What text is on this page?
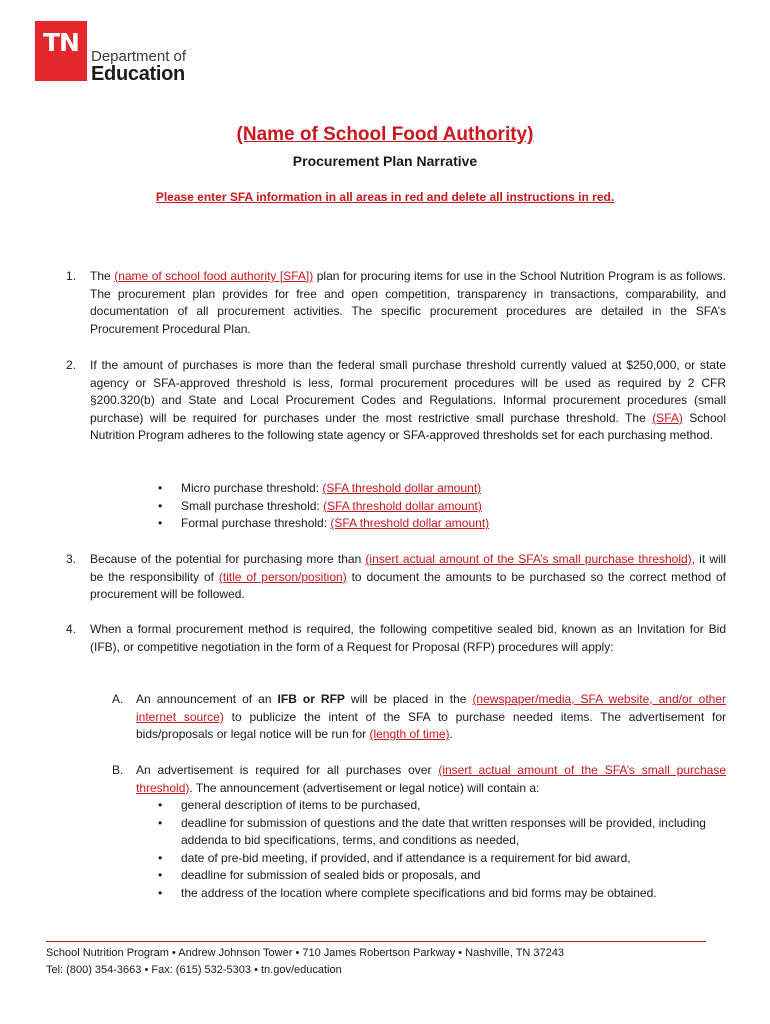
TN Department of
Education
(Name of School Food Authority)
Procurement Plan Narrative
Please enter SFA information in all areas in red and delete all instructions in red.
1.	The (name of school food authority [SFA]) plan for procuring items for use in the School Nutrition Program is as follows. The procurement plan provides for free and open competition, transparency in transactions, comparability, and documentation of all procurement activities. The specific procurement procedures are detailed in the SFA’s Procurement Procedural Plan.
2.	If the amount of purchases is more than the federal small purchase threshold currently valued at $250,000, or state agency or SFA-approved threshold is less, formal procurement procedures will be used as required by 2 CFR §200.320(b) and State and Local Procurement Codes and Regulations. Informal procurement procedures (small purchase) will be required for purchases under the most restrictive small purchase threshold. The (SFA) School Nutrition Program adheres to the following state agency or SFA-approved thresholds set for each purchasing method.
• Micro purchase threshold: (SFA threshold dollar amount)
• Small purchase threshold: (SFA threshold dollar amount)
• Formal purchase threshold: (SFA threshold dollar amount)
3.	Because of the potential for purchasing more than (insert actual amount of the SFA’s small purchase threshold), it will be the responsibility of (title of person/position) to document the amounts to be purchased so the correct method of procurement will be followed.
4.	When a formal procurement method is required, the following competitive sealed bid, known as an Invitation for Bid (IFB), or competitive negotiation in the form of a Request for Proposal (RFP) procedures will apply:
A.	An announcement of an IFB or RFP will be placed in the (newspaper/media, SFA website, and/or other internet source) to publicize the intent of the SFA to purchase needed items. The advertisement for bids/proposals or legal notice will be run for (length of time).
B.	An advertisement is required for all purchases over (insert actual amount of the SFA’s small purchase threshold). The announcement (advertisement or legal notice) will contain a:
• general description of items to be purchased,
• deadline for submission of questions and the date that written responses will be provided, including addenda to bid specifications, terms, and conditions as needed,
• date of pre-bid meeting, if provided, and if attendance is a requirement for bid award,
• deadline for submission of sealed bids or proposals, and
• the address of the location where complete specifications and bid forms may be obtained.
School Nutrition Program • Andrew Johnson Tower • 710 James Robertson Parkway • Nashville, TN 37243
Tel: (800) 354-3663 • Fax: (615) 532-5303 • tn.gov/education
